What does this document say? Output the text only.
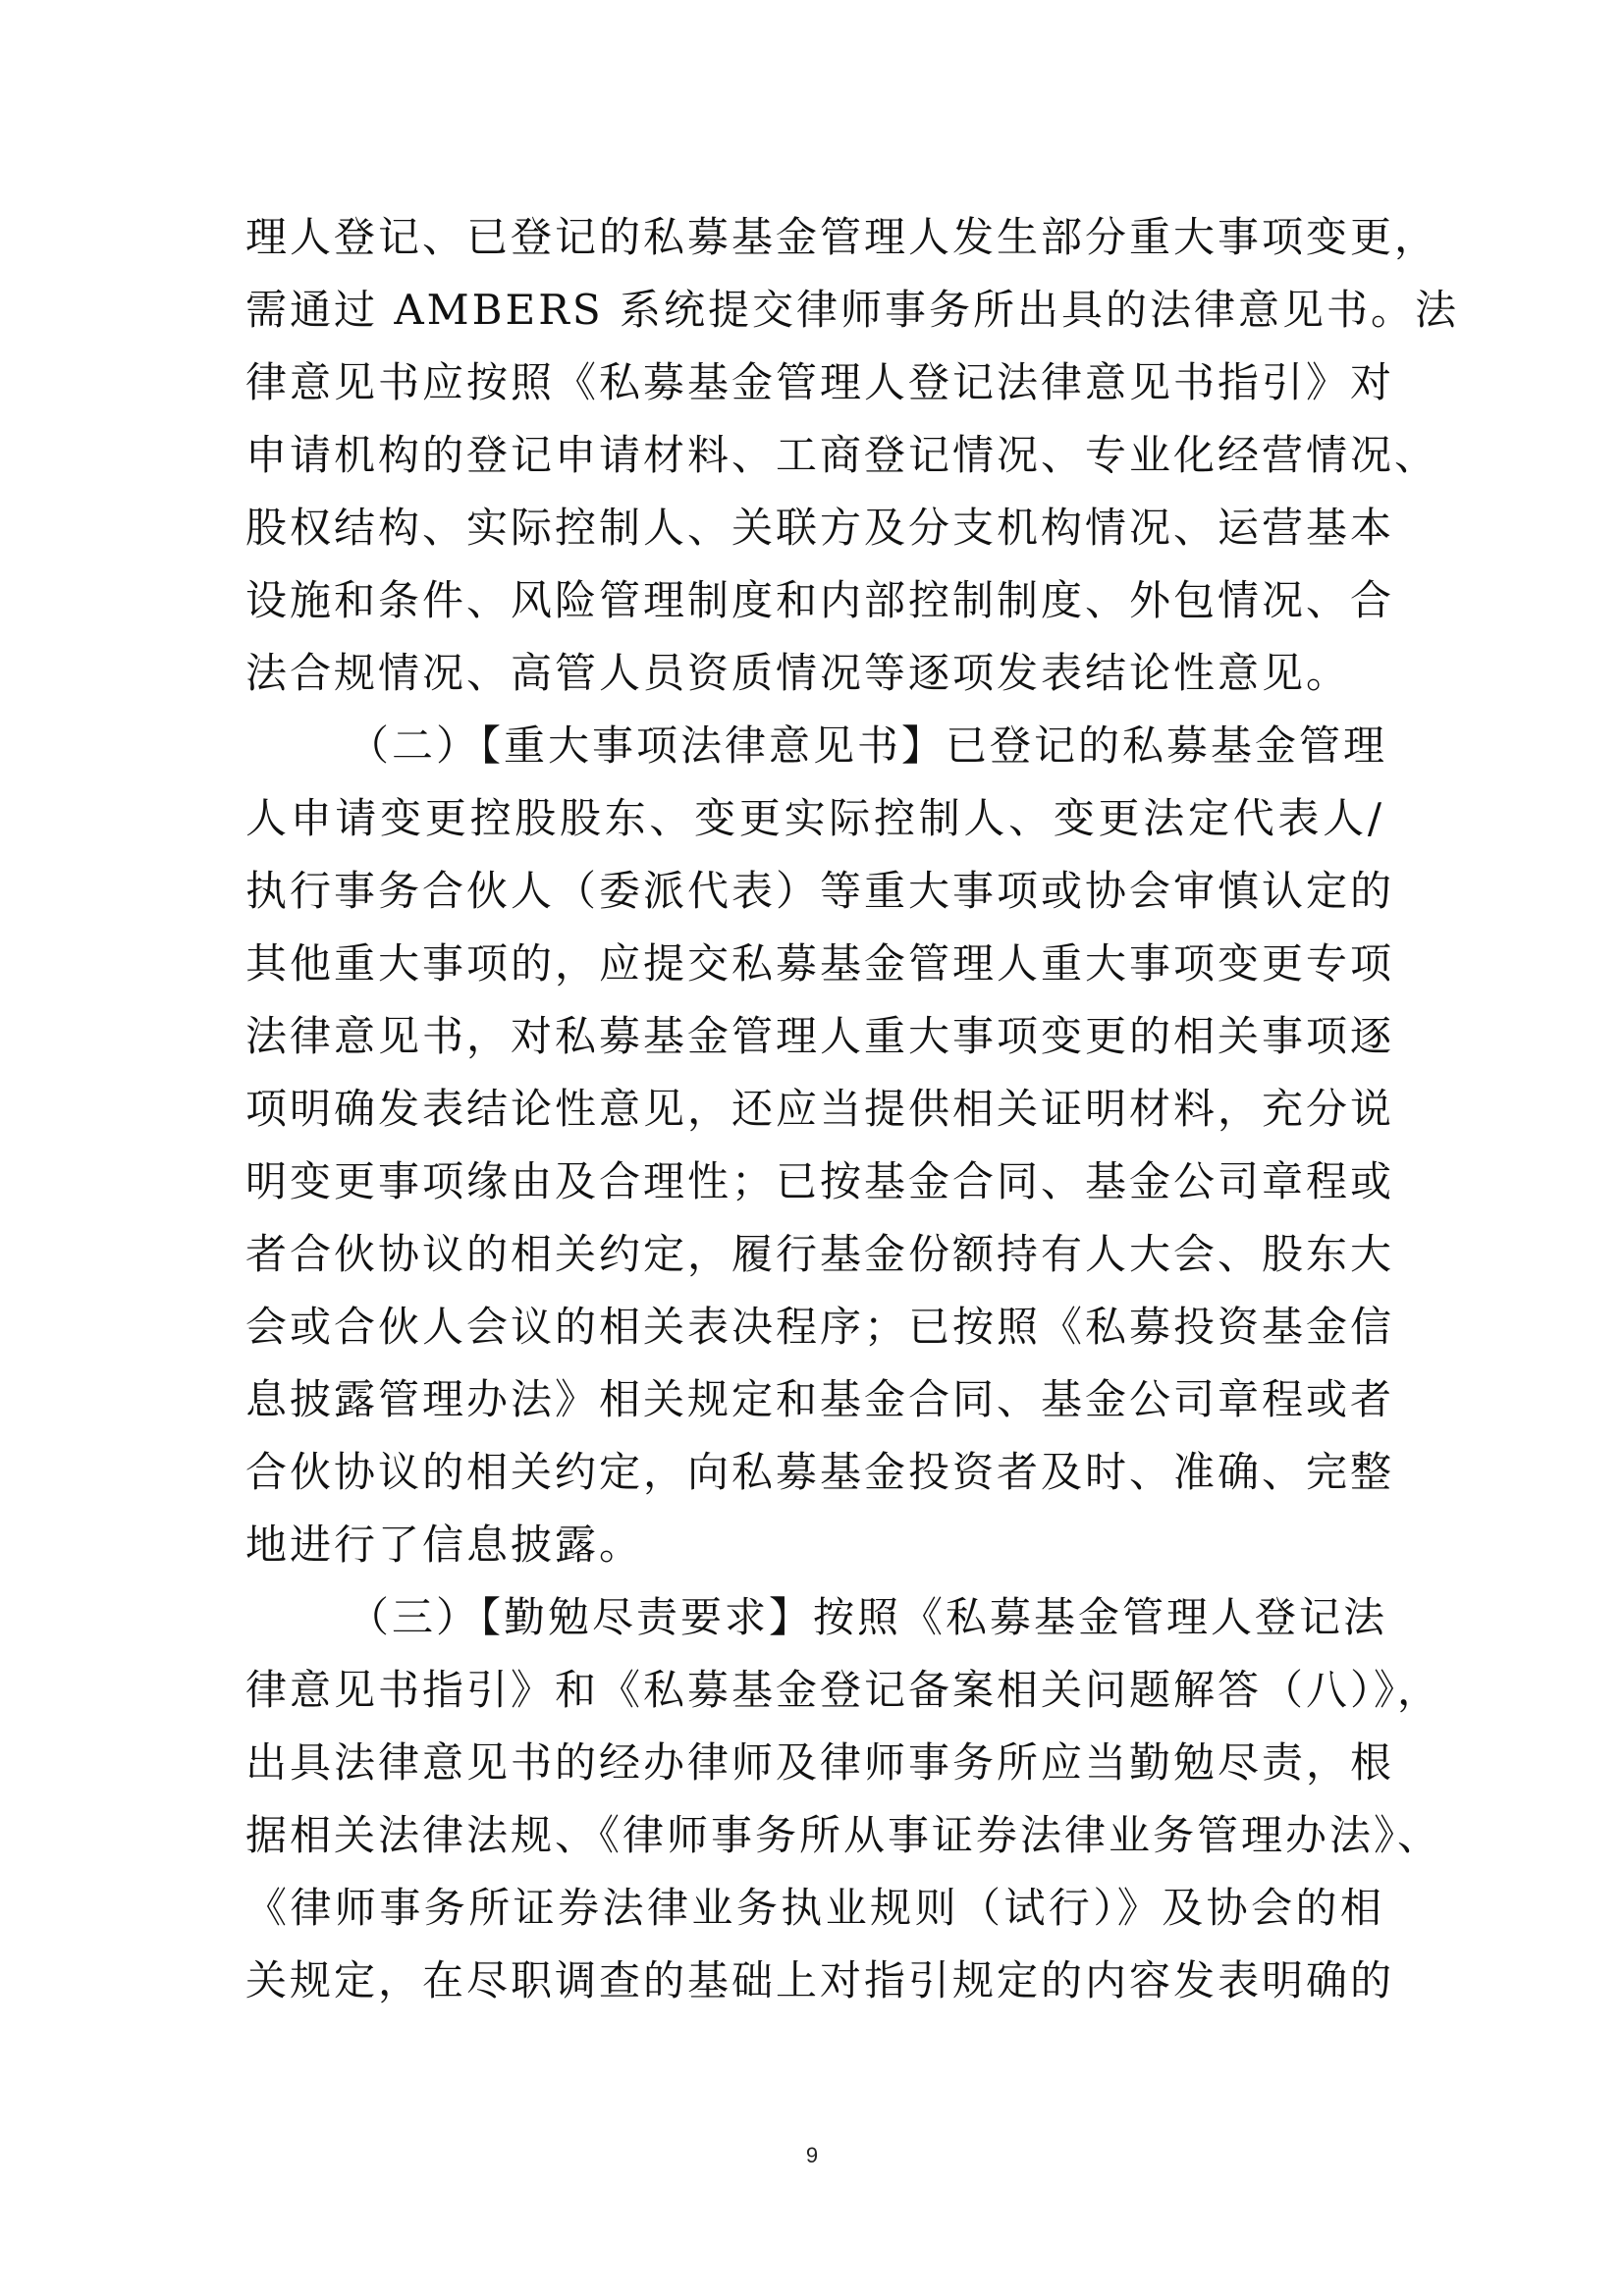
理人登记、已登记的私募基金管理人发生部分重大事项变更，

需通过 AMBERS 系统提交律师事务所出具的法律意见书。法

律意见书应按照《私募基金管理人登记法律意见书指引》对

申请机构的登记申请材料、工商登记情况、专业化经营情况、

股权结构、实际控制人、关联方及分支机构情况、运营基本

设施和条件、风险管理制度和内部控制制度、外包情况、合

法合规情况、高管人员资质情况等逐项发表结论性意见。

（二）【重大事项法律意见书】已登记的私募基金管理

人申请变更控股股东、变更实际控制人、变更法定代表人/

执行事务合伙人（委派代表）等重大事项或协会审慎认定的

其他重大事项的，应提交私募基金管理人重大事项变更专项

法律意见书，对私募基金管理人重大事项变更的相关事项逐

项明确发表结论性意见，还应当提供相关证明材料，充分说

明变更事项缘由及合理性；已按基金合同、基金公司章程或

者合伙协议的相关约定，履行基金份额持有人大会、股东大

会或合伙人会议的相关表决程序；已按照《私募投资基金信

息披露管理办法》相关规定和基金合同、基金公司章程或者

合伙协议的相关约定，向私募基金投资者及时、准确、完整

地进行了信息披露。

（三）【勤勉尽责要求】按照《私募基金管理人登记法

律意见书指引》和《私募基金登记备案相关问题解答（八）》，

出具法律意见书的经办律师及律师事务所应当勤勉尽责，根

据相关法律法规、《律师事务所从事证券法律业务管理办法》、

《律师事务所证券法律业务执业规则（试行）》及协会的相

关规定，在尽职调查的基础上对指引规定的内容发表明确的

9
